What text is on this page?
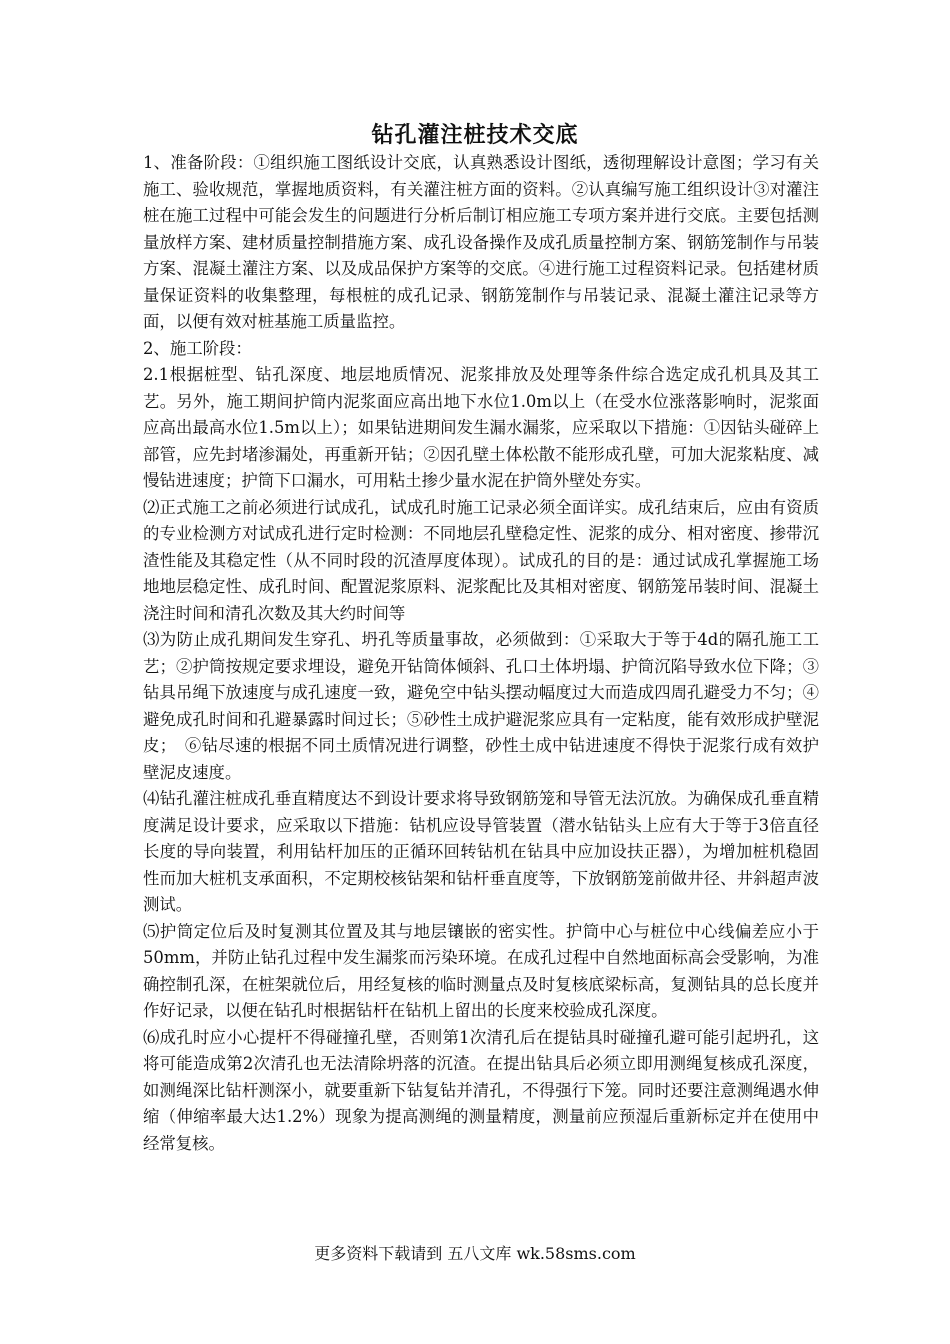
钻孔灌注桩技术交底

1、准备阶段：①组织施工图纸设计交底，认真熟悉设计图纸，透彻理解设计意图；学习有关施工、验收规范，掌握地质资料，有关灌注桩方面的资料。②认真编写施工组织设计③对灌注桩在施工过程中可能会发生的问题进行分析后制订相应施工专项方案并进行交底。主要包括测量放样方案、建材质量控制措施方案、成孔设备操作及成孔质量控制方案、钢筋笼制作与吊装方案、混凝土灌注方案、以及成品保护方案等的交底。④进行施工过程资料记录。包括建材质量保证资料的收集整理，每根桩的成孔记录、钢筋笼制作与吊装记录、混凝土灌注记录等方面，以便有效对桩基施工质量监控。

2、施工阶段：

2.1根据桩型、钻孔深度、地层地质情况、泥浆排放及处理等条件综合选定成孔机具及其工艺。另外，施工期间护筒内泥浆面应高出地下水位1.0m以上（在受水位涨落影响时，泥浆面应高出最高水位1.5m以上）；如果钻进期间发生漏水漏浆，应采取以下措施：①因钻头碰碎上部管，应先封堵渗漏处，再重新开钻；②因孔壁土体松散不能形成孔壁，可加大泥浆粘度、减慢钻进速度；护筒下口漏水，可用粘土掺少量水泥在护筒外壁处夯实。

⑵正式施工之前必须进行试成孔，试成孔时施工记录必须全面详实。成孔结束后，应由有资质的专业检测方对试成孔进行定时检测：不同地层孔壁稳定性、泥浆的成分、相对密度、掺带沉渣性能及其稳定性（从不同时段的沉渣厚度体现）。试成孔的目的是：通过试成孔掌握施工场地地层稳定性、成孔时间、配置泥浆原料、泥浆配比及其相对密度、钢筋笼吊装时间、混凝土浇注时间和清孔次数及其大约时间等

⑶为防止成孔期间发生穿孔、坍孔等质量事故，必须做到：①采取大于等于4d的隔孔施工工艺；②护筒按规定要求埋设，避免开钻筒体倾斜、孔口土体坍塌、护筒沉陷导致水位下降；③钻具吊绳下放速度与成孔速度一致，避免空中钻头摆动幅度过大而造成四周孔避受力不匀；④避免成孔时间和孔避暴露时间过长；⑤砂性土成护避泥浆应具有一定粘度，能有效形成护壁泥皮；　⑥钻尽速的根据不同土质情况进行调整，砂性土成中钻进速度不得快于泥浆行成有效护壁泥皮速度。

⑷钻孔灌注桩成孔垂直精度达不到设计要求将导致钢筋笼和导管无法沉放。为确保成孔垂直精度满足设计要求，应采取以下措施：钻机应设导管装置（潜水钻钻头上应有大于等于3倍直径长度的导向装置，利用钻杆加压的正循环回转钻机在钻具中应加设扶正器），为增加桩机稳固性而加大桩机支承面积，不定期校核钻架和钻杆垂直度等，下放钢筋笼前做井径、井斜超声波测试。

⑸护筒定位后及时复测其位置及其与地层镶嵌的密实性。护筒中心与桩位中心线偏差应小于50mm，并防止钻孔过程中发生漏浆而污染环境。在成孔过程中自然地面标高会受影响，为准确控制孔深，在桩架就位后，用经复核的临时测量点及时复核底梁标高，复测钻具的总长度并作好记录，以便在钻孔时根据钻杆在钻机上留出的长度来校验成孔深度。

⑹成孔时应小心提杆不得碰撞孔壁，否则第1次清孔后在提钻具时碰撞孔避可能引起坍孔，这将可能造成第2次清孔也无法清除坍落的沉渣。在提出钻具后必须立即用测绳复核成孔深度，如测绳深比钻杆测深小，就要重新下钻复钻并清孔，不得强行下笼。同时还要注意测绳遇水伸缩（伸缩率最大达1.2%）现象为提高测绳的测量精度，测量前应预湿后重新标定并在使用中经常复核。

更多资料下载请到 五八文库 wk.58sms.com
